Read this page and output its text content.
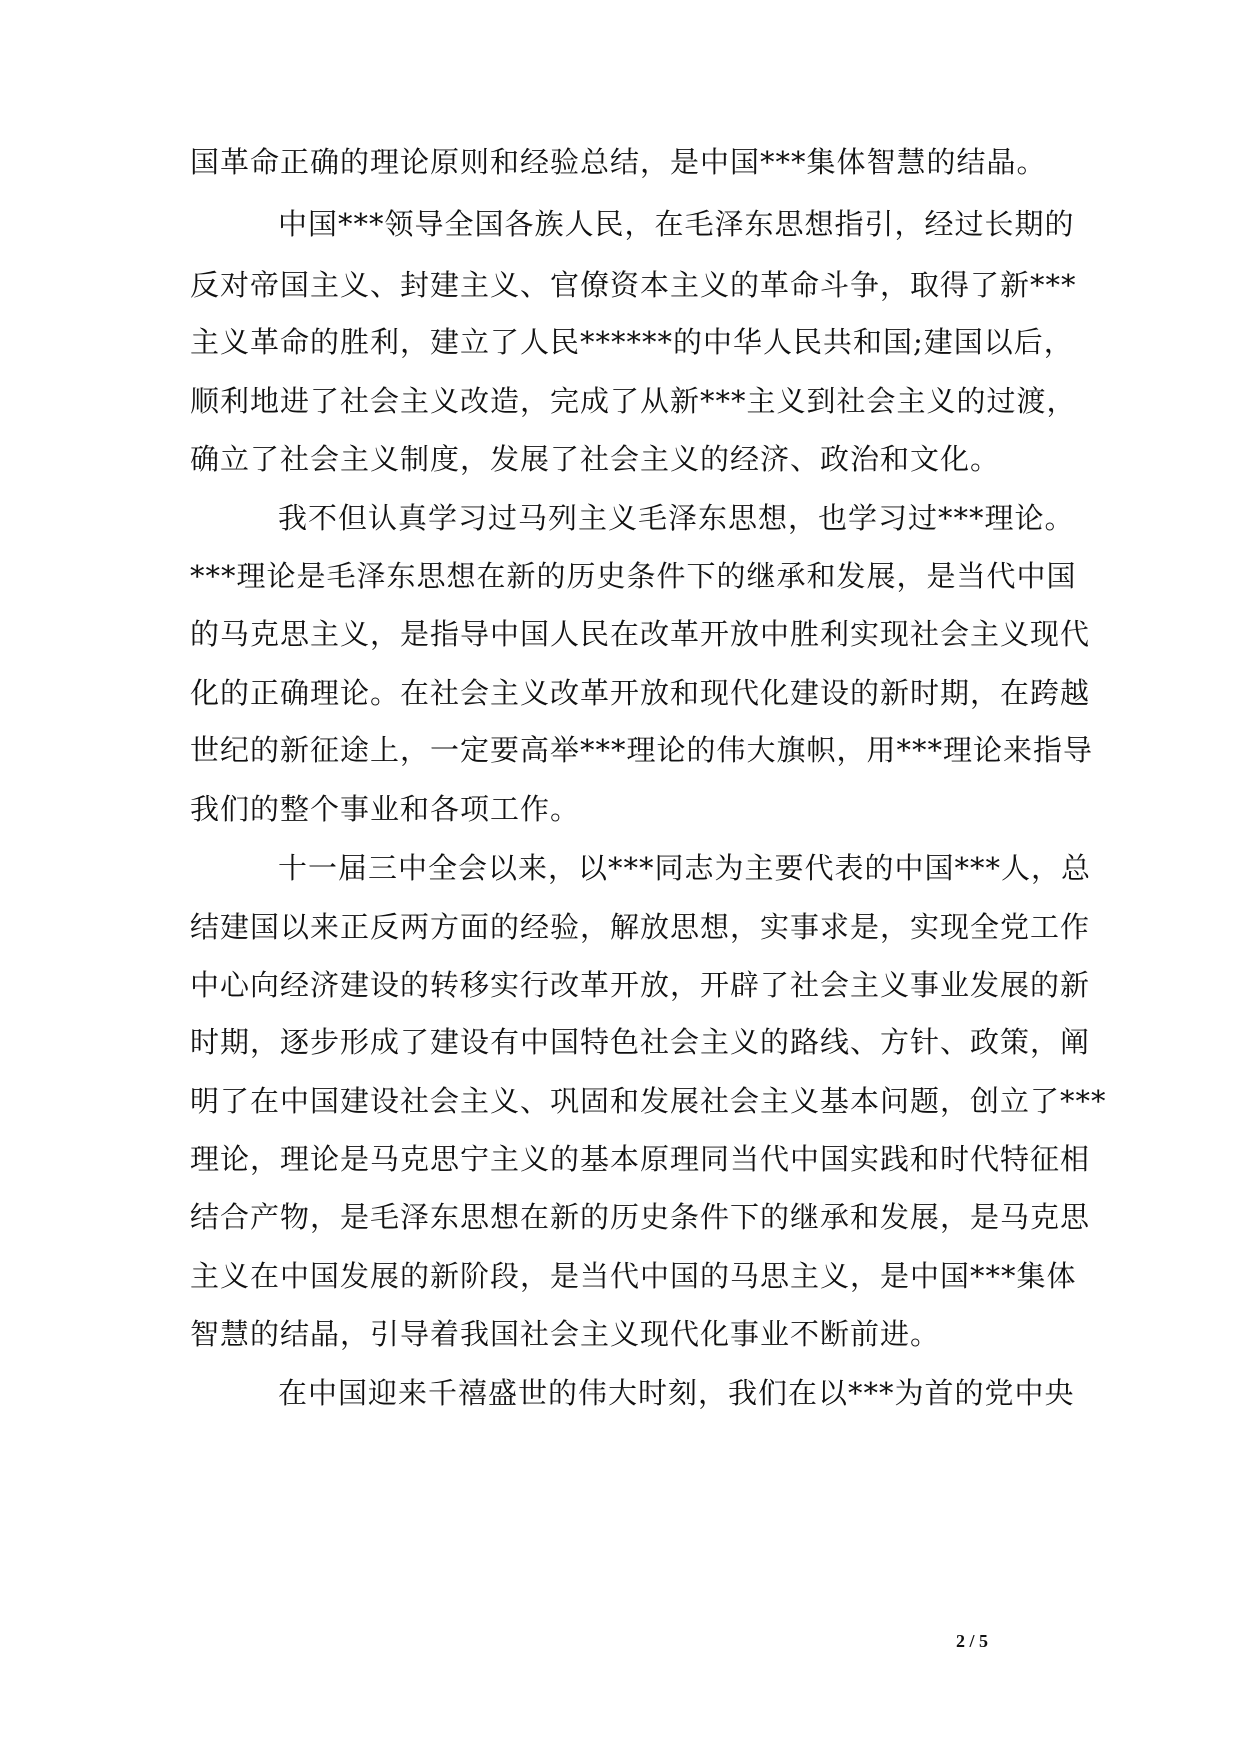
国革命正确的理论原则和经验总结，是中国***集体智慧的结晶。
中国***领导全国各族人民，在毛泽东思想指引，经过长期的
反对帝国主义、封建主义、官僚资本主义的革命斗争，取得了新***
主义革命的胜利，建立了人民******的中华人民共和国;建国以后，
顺利地进了社会主义改造，完成了从新***主义到社会主义的过渡，
确立了社会主义制度，发展了社会主义的经济、政治和文化。
我不但认真学习过马列主义毛泽东思想，也学习过***理论。
***理论是毛泽东思想在新的历史条件下的继承和发展，是当代中国
的马克思主义，是指导中国人民在改革开放中胜利实现社会主义现代
化的正确理论。在社会主义改革开放和现代化建设的新时期，在跨越
世纪的新征途上，一定要高举***理论的伟大旗帜，用***理论来指导
我们的整个事业和各项工作。
十一届三中全会以来，以***同志为主要代表的中国***人，总
结建国以来正反两方面的经验，解放思想，实事求是，实现全党工作
中心向经济建设的转移实行改革开放，开辟了社会主义事业发展的新
时期，逐步形成了建设有中国特色社会主义的路线、方针、政策，阐
明了在中国建设社会主义、巩固和发展社会主义基本问题，创立了***
理论，理论是马克思宁主义的基本原理同当代中国实践和时代特征相
结合产物，是毛泽东思想在新的历史条件下的继承和发展，是马克思
主义在中国发展的新阶段，是当代中国的马思主义，是中国***集体
智慧的结晶，引导着我国社会主义现代化事业不断前进。
在中国迎来千禧盛世的伟大时刻，我们在以***为首的党中央
2 / 5
